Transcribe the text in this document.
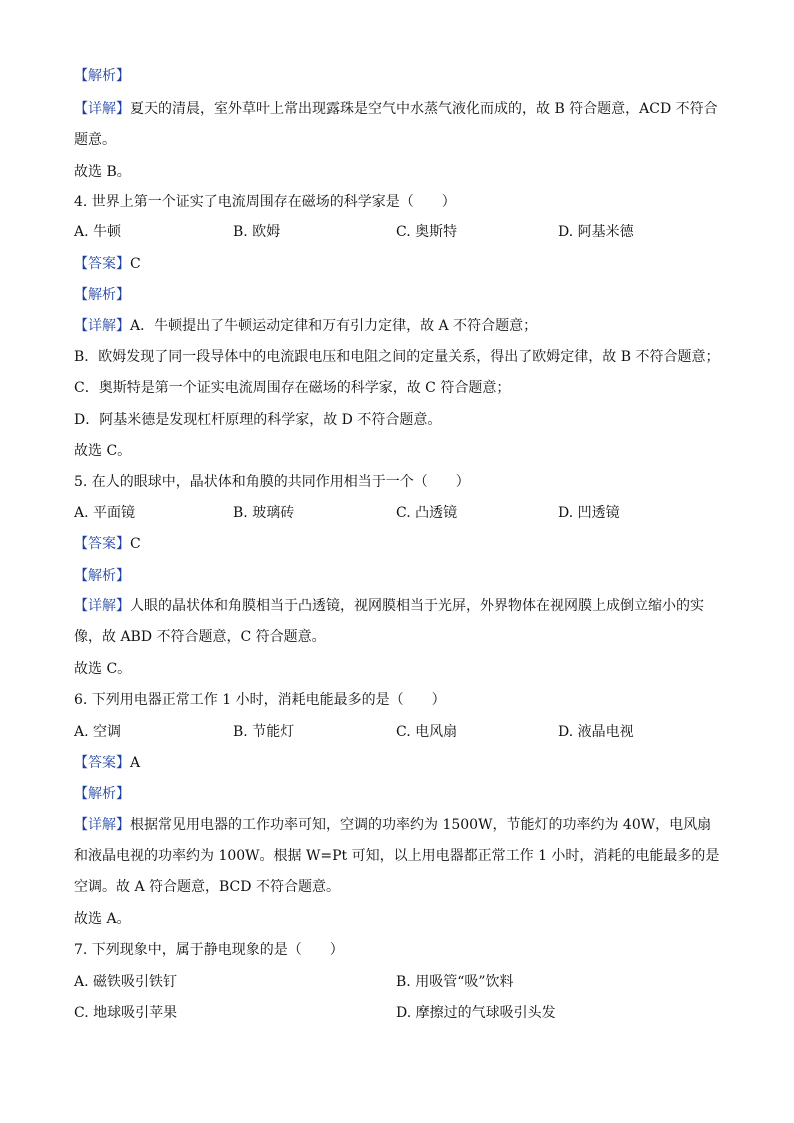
【解析】
【详解】夏天的清晨，室外草叶上常出现露珠是空气中水蒸气液化而成的，故 B 符合题意，ACD 不符合题意。
故选 B。
4. 世界上第一个证实了电流周围存在磁场的科学家是（　　）
A. 牛顿	B. 欧姆	C. 奥斯特	D. 阿基米德
【答案】C
【解析】
【详解】A．牛顿提出了牛顿运动定律和万有引力定律，故 A 不符合题意；
B．欧姆发现了同一段导体中的电流跟电压和电阻之间的定量关系，得出了欧姆定律，故 B 不符合题意；
C．奥斯特是第一个证实电流周围存在磁场的科学家，故 C 符合题意；
D．阿基米德是发现杠杆原理的科学家，故 D 不符合题意。
故选 C。
5. 在人的眼球中，晶状体和角膜的共同作用相当于一个（　　）
A. 平面镜	B. 玻璃砖	C. 凸透镜	D. 凹透镜
【答案】C
【解析】
【详解】人眼的晶状体和角膜相当于凸透镜，视网膜相当于光屏，外界物体在视网膜上成倒立缩小的实像，故 ABD 不符合题意，C 符合题意。
故选 C。
6. 下列用电器正常工作 1 小时，消耗电能最多的是（　　）
A. 空调	B. 节能灯	C. 电风扇	D. 液晶电视
【答案】A
【解析】
【详解】根据常见用电器的工作功率可知，空调的功率约为 1500W，节能灯的功率约为 40W，电风扇和液晶电视的功率约为 100W。根据 W=Pt 可知，以上用电器都正常工作 1 小时，消耗的电能最多的是空调。故 A 符合题意，BCD 不符合题意。
故选 A。
7. 下列现象中，属于静电现象的是（　　）
A. 磁铁吸引铁钉	B. 用吸管“吸”饮料
C. 地球吸引苹果	D. 摩擦过的气球吸引头发
